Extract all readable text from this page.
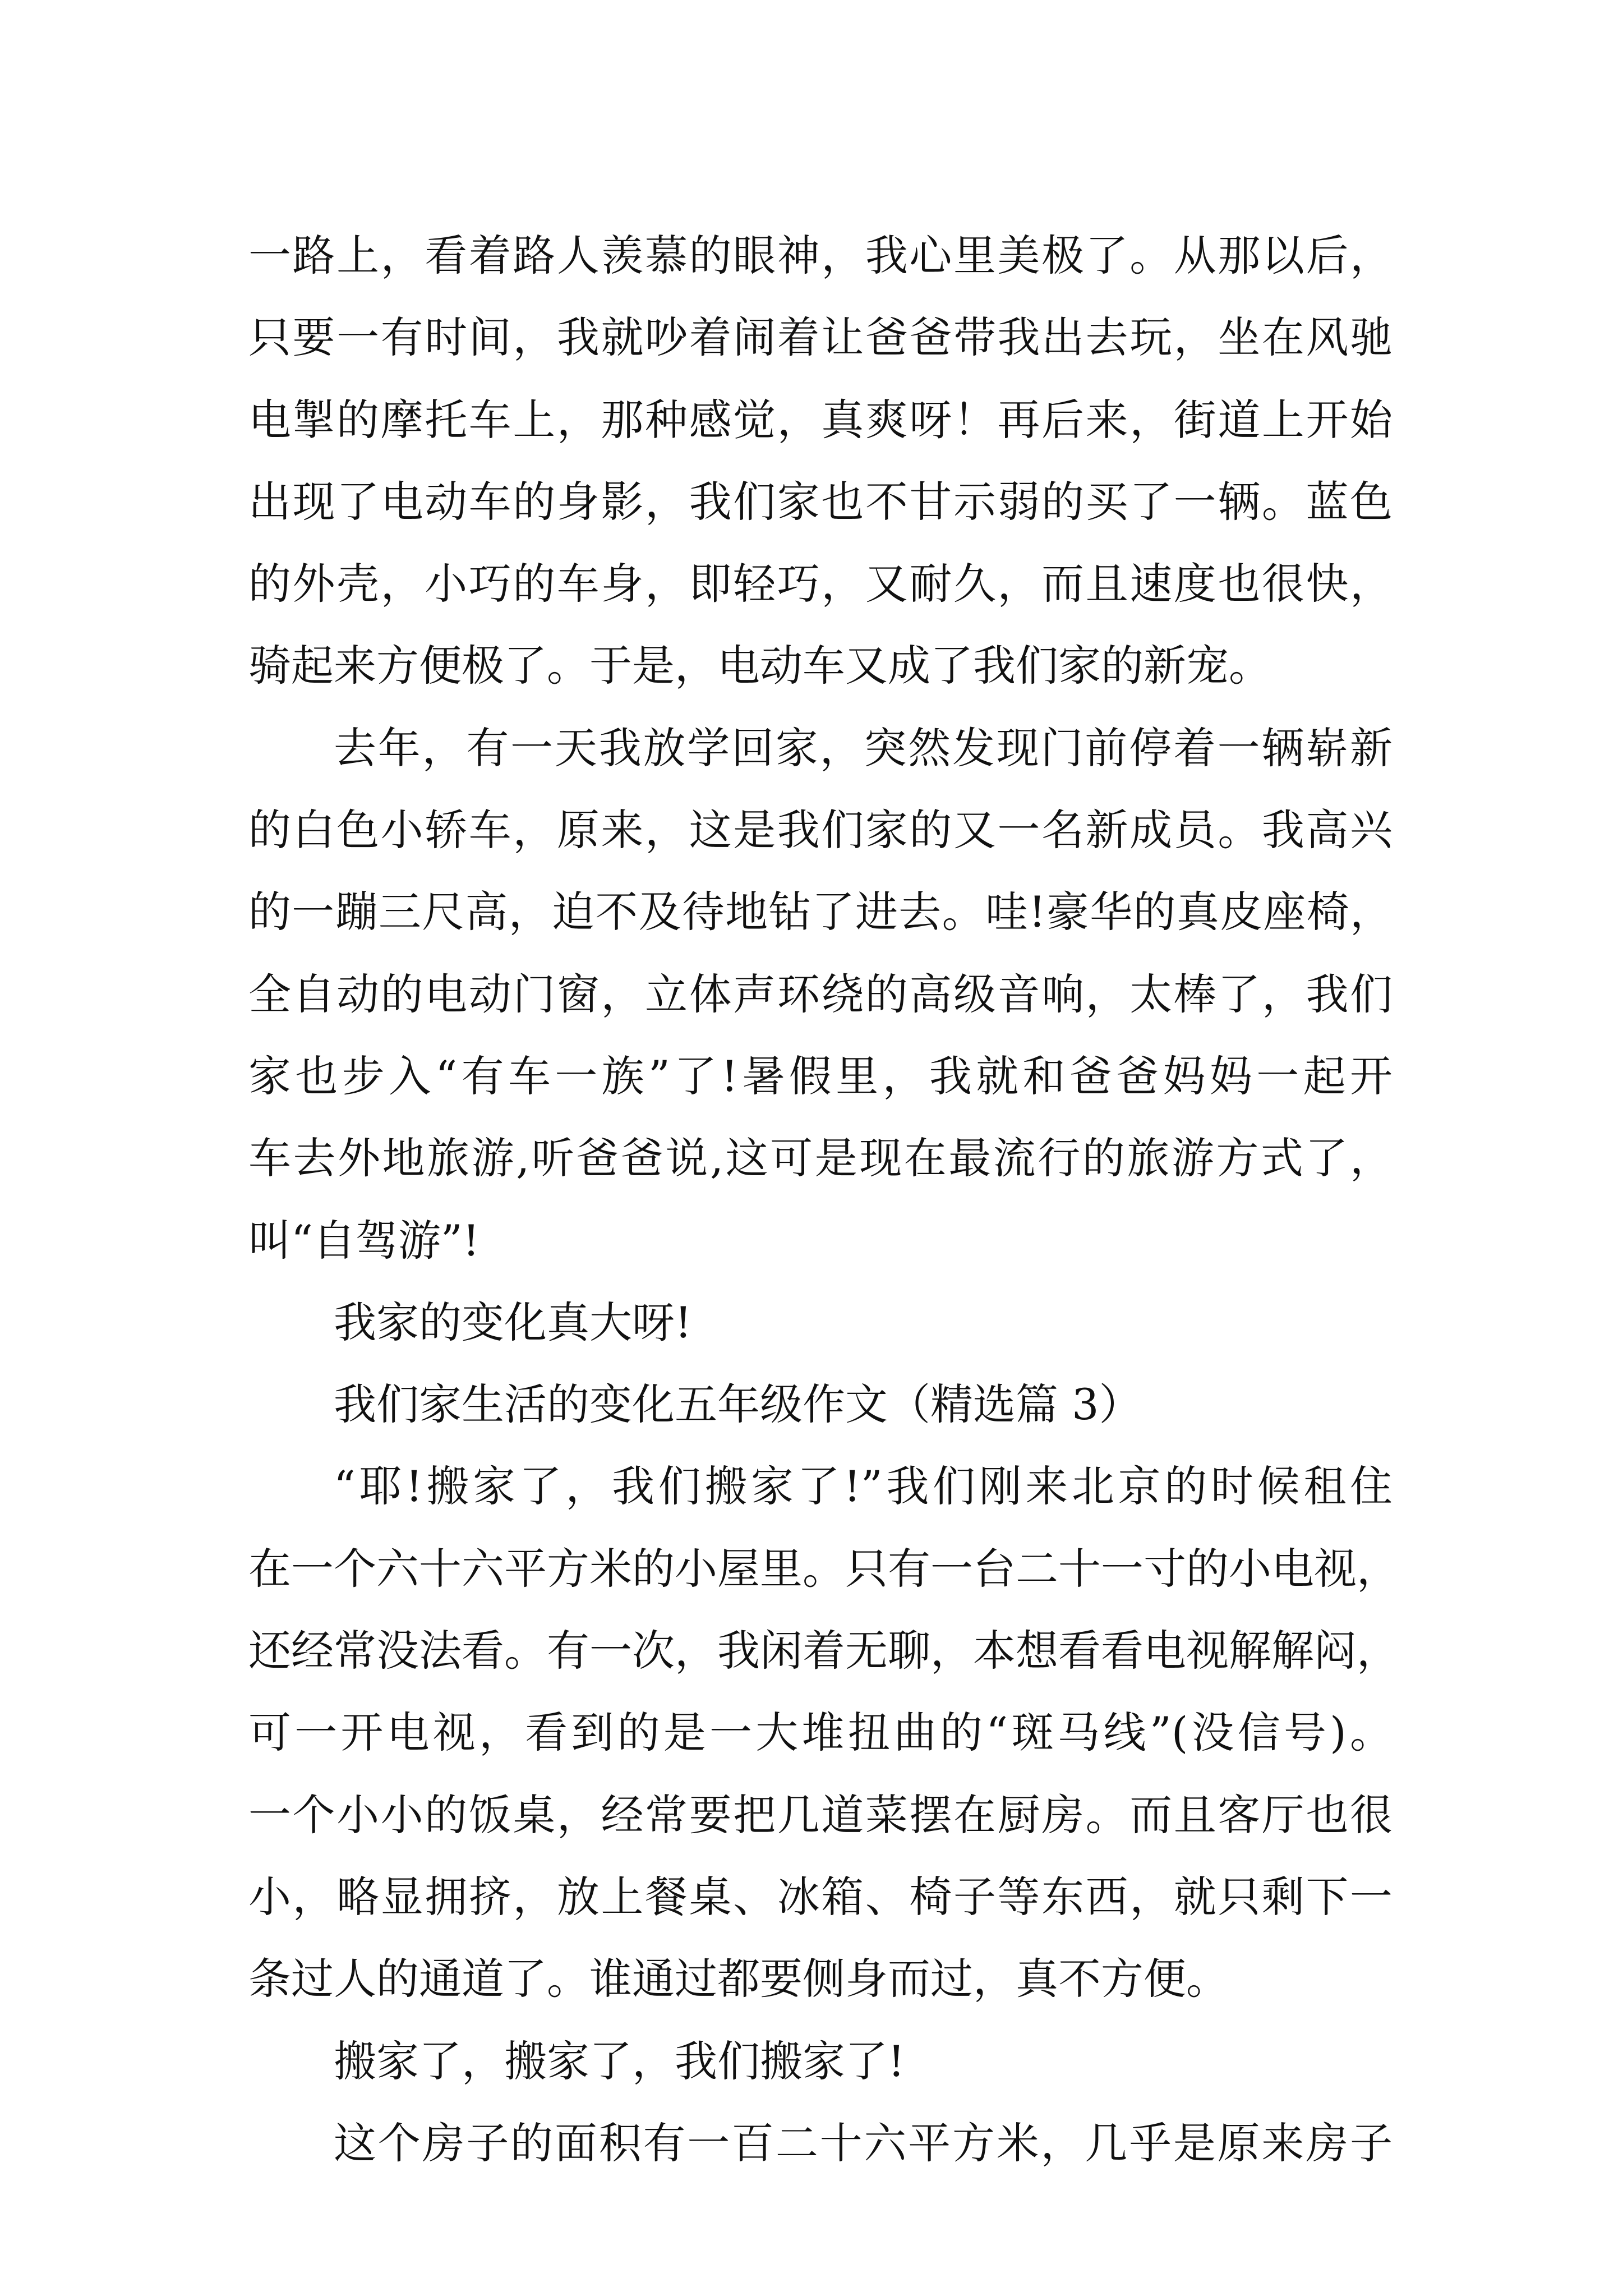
一路上，看着路人羡慕的眼神，我心里美极了。从那以后，
只要一有时间，我就吵着闹着让爸爸带我出去玩，坐在风驰
电掣的摩托车上，那种感觉，真爽呀！再后来，街道上开始
出现了电动车的身影，我们家也不甘示弱的买了一辆。蓝色
的外壳，小巧的车身，即轻巧，又耐久，而且速度也很快，
骑起来方便极了。于是，电动车又成了我们家的新宠。
去年，有一天我放学回家，突然发现门前停着一辆崭新
的白色小轿车，原来，这是我们家的又一名新成员。我高兴
的一蹦三尺高，迫不及待地钻了进去。哇!豪华的真皮座椅，
全自动的电动门窗，立体声环绕的高级音响，太棒了，我们
家也步入“有车一族”了!暑假里，我就和爸爸妈妈一起开
车去外地旅游,听爸爸说,这可是现在最流行的旅游方式了，
叫“自驾游”!
我家的变化真大呀!
我们家生活的变化五年级作文（精选篇 3）
“耶!搬家了，我们搬家了!”我们刚来北京的时候租住
在一个六十六平方米的小屋里。只有一台二十一寸的小电视，
还经常没法看。有一次，我闲着无聊，本想看看电视解解闷，
可一开电视，看到的是一大堆扭曲的“斑马线”(没信号)。
一个小小的饭桌，经常要把几道菜摆在厨房。而且客厅也很
小，略显拥挤，放上餐桌、冰箱、椅子等东西，就只剩下一
条过人的通道了。谁通过都要侧身而过，真不方便。
搬家了，搬家了，我们搬家了!
这个房子的面积有一百二十六平方米，几乎是原来房子
